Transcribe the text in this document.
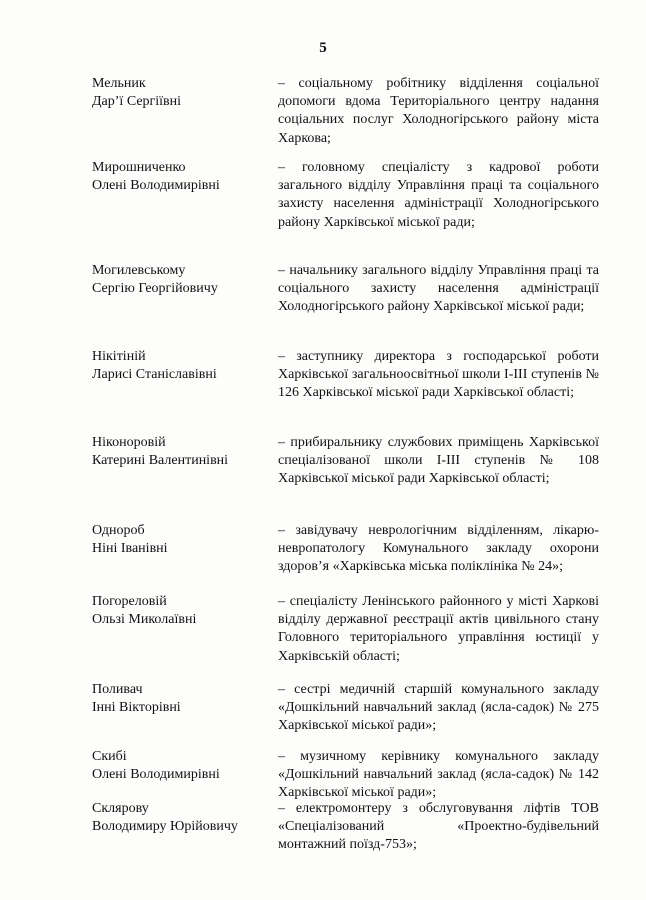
5
Мельник
Дар’ї Сергіївні
– соціальному робітнику відділення соціальної допомоги вдома Територіального центру надання соціальних послуг Холодногірського району міста Харкова;
Мирошниченко
Олені Володимирівні
– головному спеціалісту з кадрової роботи загального відділу Управління праці та соціального захисту населення адміністрації Холодногірського району Харківської міської ради;
Могилевському
Сергію Георгійовичу
– начальнику загального відділу Управління праці та соціального захисту населення адміністрації Холодногірського району Харківської міської ради;
Нікітіній
Ларисі Станіславівні
– заступнику директора з господарської роботи Харківської загальноосвітньої школи І-ІІІ ступенів № 126 Харківської міської ради Харківської області;
Ніконоровій
Катерині Валентинівні
– прибиральнику службових приміщень Харківської спеціалізованої школи І-ІІІ ступенів № 108 Харківської міської ради Харківської області;
Однороб
Ніні Іванівні
– завідувачу неврологічним відділенням, лікарю-невропатологу Комунального закладу охорони здоров’я «Харківська міська поліклініка № 24»;
Погореловій
Ользі Миколаївні
– спеціалісту Ленінського районного у місті Харкові відділу державної реєстрації актів цивільного стану Головного територіального управління юстиції у Харківській області;
Поливач
Інні Вікторівні
– сестрі медичній старшій комунального закладу «Дошкільний навчальний заклад (ясла-садок) № 275 Харківської міської ради»;
Скибі
Олені Володимирівні
– музичному керівнику комунального закладу «Дошкільний навчальний заклад (ясла-садок) № 142 Харківської міської ради»;
Склярову
Володимиру Юрійовичу
– електромонтеру з обслуговування ліфтів ТОВ «Спеціалізований «Проектно-будівельний монтажний поїзд-753»;
